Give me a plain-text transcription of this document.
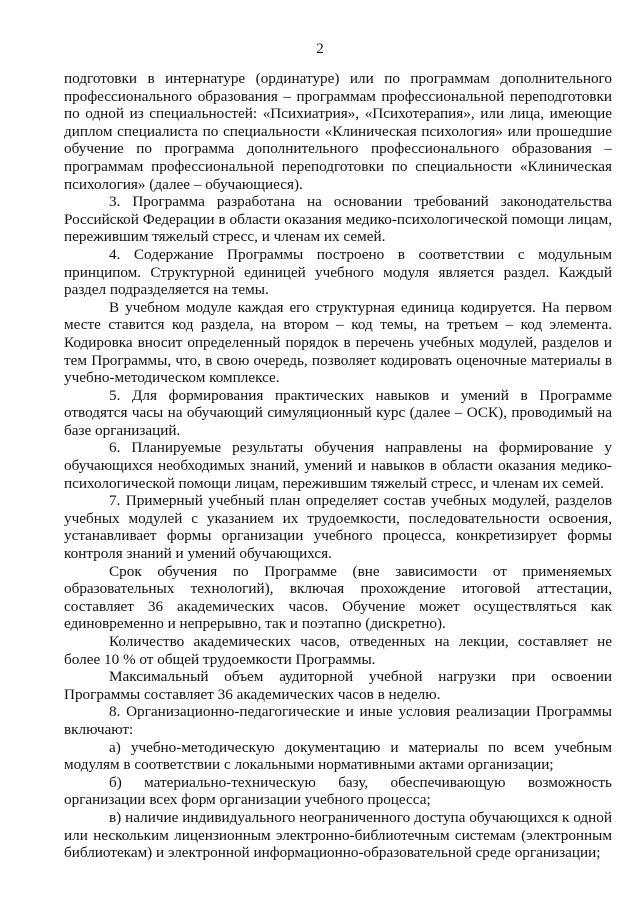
2

подготовки в интернатуре (ординатуре) или по программам дополнительного профессионального образования – программам профессиональной переподготовки по одной из специальностей: «Психиатрия», «Психотерапия», или лица, имеющие диплом специалиста по специальности «Клиническая психология» или прошедшие обучение по программа дополнительного профессионального образования – программам профессиональной переподготовки по специальности «Клиническая психология» (далее – обучающиеся).

3. Программа разработана на основании требований законодательства Российской Федерации в области оказания медико-психологической помощи лицам, пережившим тяжелый стресс, и членам их семей.

4. Содержание Программы построено в соответствии с модульным принципом. Структурной единицей учебного модуля является раздел. Каждый раздел подразделяется на темы.

В учебном модуле каждая его структурная единица кодируется. На первом месте ставится код раздела, на втором – код темы, на третьем – код элемента. Кодировка вносит определенный порядок в перечень учебных модулей, разделов и тем Программы, что, в свою очередь, позволяет кодировать оценочные материалы в учебно-методическом комплексе.

5. Для формирования практических навыков и умений в Программе отводятся часы на обучающий симуляционный курс (далее – ОСК), проводимый на базе организаций.

6. Планируемые результаты обучения направлены на формирование у обучающихся необходимых знаний, умений и навыков в области оказания медико-психологической помощи лицам, пережившим тяжелый стресс, и членам их семей.

7. Примерный учебный план определяет состав учебных модулей, разделов учебных модулей с указанием их трудоемкости, последовательности освоения, устанавливает формы организации учебного процесса, конкретизирует формы контроля знаний и умений обучающихся.

Срок обучения по Программе (вне зависимости от применяемых образовательных технологий), включая прохождение итоговой аттестации, составляет 36 академических часов. Обучение может осуществляться как единовременно и непрерывно, так и поэтапно (дискретно).

Количество академических часов, отведенных на лекции, составляет не более 10 % от общей трудоемкости Программы.

Максимальный объем аудиторной учебной нагрузки при освоении Программы составляет 36 академических часов в неделю.

8. Организационно-педагогические и иные условия реализации Программы включают:

а) учебно-методическую документацию и материалы по всем учебным модулям в соответствии с локальными нормативными актами организации;

б) материально-техническую базу, обеспечивающую возможность организации всех форм организации учебного процесса;

в) наличие индивидуального неограниченного доступа обучающихся к одной или нескольким лицензионным электронно-библиотечным системам (электронным библиотекам) и электронной информационно-образовательной среде организации;
